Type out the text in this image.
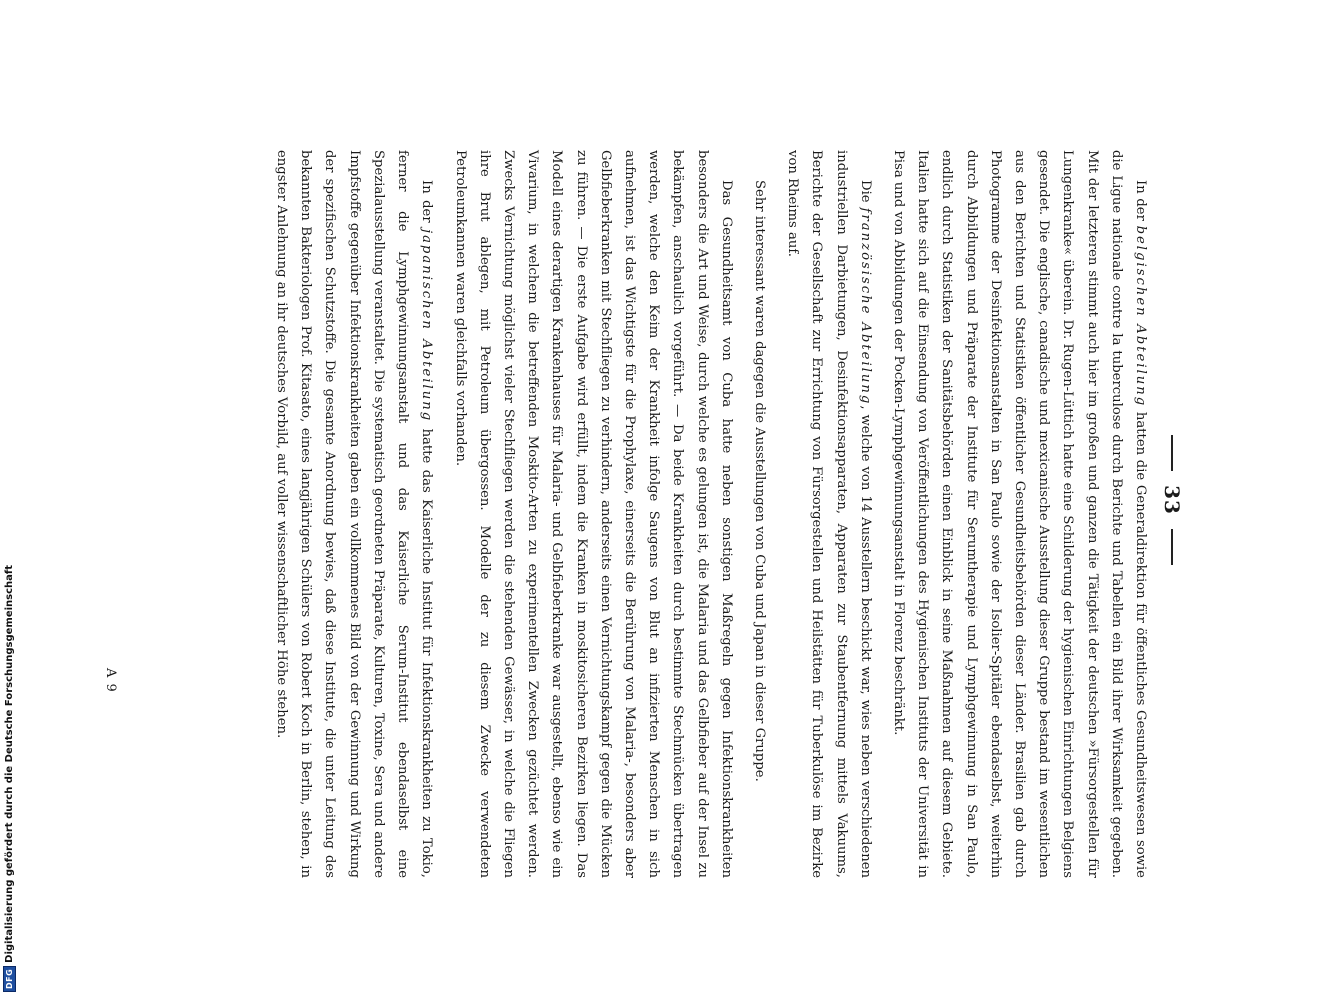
33

In der belgischen Abteilung hatten die Generaldirektion für öffentliches Gesundheitswesen sowie die Ligue nationale contre la tuberculose durch Berichte und Tabellen ein Bild ihrer Wirksamkeit gegeben. Mit der letzteren stimmt auch hier im großen und ganzen die Tätigkeit der deutschen »Fürsorgestellen für Lungenkranke« überein. Dr. Rugen-Lüttich hatte eine Schilderung der hygienischen Einrichtungen Belgiens gesendet. Die englische, canadische und mexicanische Ausstellung dieser Gruppe bestand im wesentlichen aus den Berichten und Statistiken öffentlicher Gesundheitsbehörden dieser Länder. Brasilien gab durch Photogramme der Desinfektionsanstalten in San Paulo sowie der Isolier-Spitäler ebendaselbst, weiterhin durch Abbildungen und Präparate der Institute für Serumtherapie und Lymphgewinnung in San Paulo, endlich durch Statistiken der Sanitätsbehörden einen Einblick in seine Maßnahmen auf diesem Gebiete. Italien hatte sich auf die Einsendung von Veröffentlichungen des Hygienischen Instituts der Universität in Pisa und von Abbildungen der Pocken-Lymphgewinnungsanstalt in Florenz beschränkt.

Die französische Abteilung, welche von 14 Ausstellern beschickt war, wies neben verschiedenen industriellen Darbietungen, Desinfektionsapparaten, Apparaten zur Staubentfernung mittels Vakuums, Berichte der Gesellschaft zur Errichtung von Fürsorgestellen und Heilstätten für Tuberkulöse im Bezirke von Rheims auf.

Sehr interessant waren dagegen die Ausstellungen von Cuba und Japan in dieser Gruppe.

Das Gesundheitsamt von Cuba hatte neben sonstigen Maßregeln gegen Infektionskrankheiten besonders die Art und Weise, durch welche es gelungen ist, die Malaria und das Gelbfieber auf der Insel zu bekämpfen, anschaulich vorgeführt. — Da beide Krankheiten durch bestimmte Stechmücken übertragen werden, welche den Keim der Krankheit infolge Saugens von Blut an infizierten Menschen in sich aufnehmen, ist das Wichtigste für die Prophylaxe, einerseits die Berührung von Malaria-, besonders aber Gelbfieberkranken mit Stechfliegen zu verhindern, anderseits einen Vernichtungskampf gegen die Mücken zu führen. — Die erste Aufgabe wird erfüllt, indem die Kranken in moskitosicheren Bezirken liegen. Das Modell eines derartigen Krankenhauses für Malaria- und Gelbfieberkranke war ausgestellt, ebenso wie ein Vivarium, in welchem die betreffenden Moskito-Arten zu experimentellen Zwecken gezüchtet werden. Zwecks Vernichtung möglichst vieler Stechfliegen werden die stehenden Gewässer, in welche die Fliegen ihre Brut ablegen, mit Petroleum übergossen. Modelle der zu diesem Zwecke verwendeten Petroleumkannen waren gleichfalls vorhanden.

In der japanischen Abteilung hatte das Kaiserliche Institut für Infektionskrankheiten zu Tokio, ferner die Lymphgewinnungsanstalt und das Kaiserliche Serum-Institut ebendaselbst eine Spezialausstellung veranstaltet. Die systematisch geordneten Präparate, Kulturen, Toxine, Sera und andere Impfstoffe gegenüber Infektionskrankheiten gaben ein vollkommenes Bild von der Gewinnung und Wirkung der spezifischen Schutzstoffe. Die gesamte Anordnung bewies, daß diese Institute, die unter Leitung des bekannten Bakteriologen Prof. Kitasato, eines langjährigen Schülers von Robert Koch in Berlin, stehen, in engster Anlehnung an ihr deutsches Vorbild, auf voller wissenschaftlicher Höhe stehen.

A 9
DFG
Digitalisierung gefördert durch die Deutsche Forschungsgemeinschaft
